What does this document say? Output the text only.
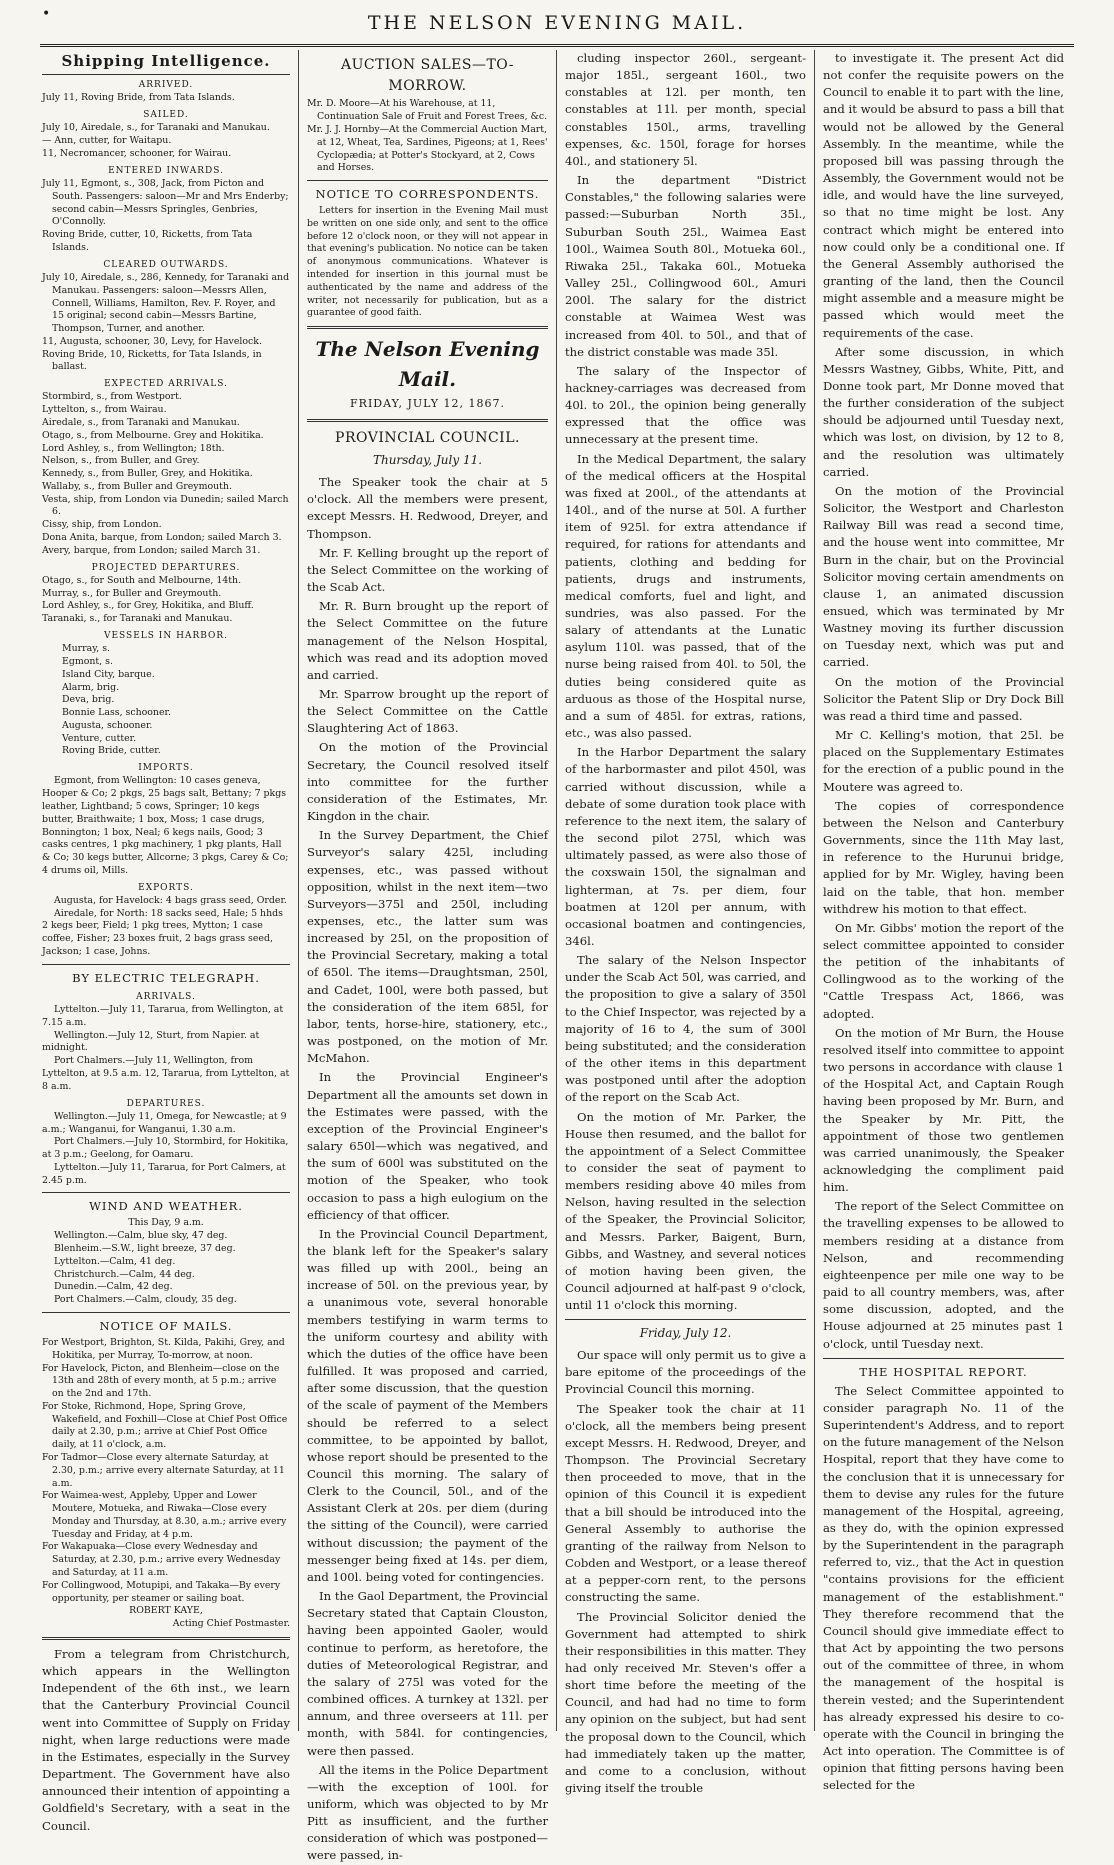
•	THE NELSON EVENING MAIL.
Shipping Intelligence.
ARRIVED.
July 11, Roving Bride, from Tata Islands.
SAILED.
July 10, Airedale, s., for Taranaki and Manukau.
— Ann, cutter, for Waitapu.
11, Necromancer, schooner, for Wairau.
ENTERED INWARDS.
July 11, Egmont, s., 308, Jack, from Picton and South. Passengers: saloon—Mr and Mrs Enderby; second cabin—Messrs Springles, Genbries, O'Connolly.
Roving Bride, cutter, 10, Ricketts, from Tata Islands.
CLEARED OUTWARDS.
July 10, Airedale, s., 286, Kennedy, for Taranaki and Manukau. Passengers: saloon—Messrs Allen, Connell, Williams, Hamilton, Rev. F. Royer, and 15 original; second cabin—Messrs Bartine, Thompson, Turner, and another.
11, Augusta, schooner, 30, Levy, for Havelock.
Roving Bride, 10, Ricketts, for Tata Islands, in ballast.
EXPECTED ARRIVALS.
Stormbird, s., from Westport.
Lyttelton, s., from Wairau.
Airedale, s., from Taranaki and Manukau.
Otago, s., from Melbourne. Grey and Hokitika.
Lord Ashley, s., from Wellington; 18th.
Nelson, s., from Buller, and Grey.
Kennedy, s., from Buller, Grey, and Hokitika.
Wallaby, s., from Buller and Greymouth.
Vesta, ship, from London via Dunedin; sailed March 6.
Cissy, ship, from London.
Dona Anita, barque, from London; sailed March 3.
Avery, barque, from London; sailed March 31.
PROJECTED DEPARTURES.
Otago, s., for South and Melbourne, 14th.
Murray, s., for Buller and Greymouth.
Lord Ashley, s., for Grey, Hokitika, and Bluff.
Taranaki, s., for Taranaki and Manukau.
VESSELS IN HARBOR.
Murray, s.
Egmont, s.
Island City, barque.
Alarm, brig.
Deva, brig.
Bonnie Lass, schooner.
Augusta, schooner.
Venture, cutter.
Roving Bride, cutter.
IMPORTS.
Egmont, from Wellington: 10 cases geneva, Hooper & Co; 2 pkgs, 25 bags salt, Bettany; 7 pkgs leather, Lightband; 5 cows, Springer; 10 kegs butter, Braithwaite; 1 box, Moss; 1 case drugs, Bonnington; 1 box, Neal; 6 kegs nails, Good; 3 casks centres, 1 pkg machinery, 1 pkg plants, Hall & Co; 30 kegs butter, Allcorne; 3 pkgs, Carey & Co; 4 drums oil, Mills.
EXPORTS.
Augusta, for Havelock: 4 bags grass seed, Order.
Airedale, for North: 18 sacks seed, Hale; 5 hhds 2 kegs beer, Field; 1 pkg trees, Mytton; 1 case coffee, Fisher; 23 boxes fruit, 2 bags grass seed, Jackson; 1 case, Johns.
BY ELECTRIC TELEGRAPH.
ARRIVALS.
Lyttelton.—July 11, Tararua, from Wellington, at 7.15 a.m.
Wellington.—July 12, Sturt, from Napier. at midnight.
Port Chalmers.—July 11, Wellington, from Lyttelton, at 9.5 a.m. 12, Tararua, from Lyttelton, at 8 a.m.
DEPARTURES.
Wellington.—July 11, Omega, for Newcastle; at 9 a.m.; Wanganui, for Wanganui, 1.30 a.m.
Port Chalmers.—July 10, Stormbird, for Hokitika, at 3 p.m.; Geelong, for Oamaru.
Lyttelton.—July 11, Tararua, for Port Calmers, at 2.45 p.m.
WIND AND WEATHER.
This Day, 9 a.m.
Wellington.—Calm, blue sky, 47 deg.
Blenheim.—S.W., light breeze, 37 deg.
Lyttelton.—Calm, 41 deg.
Christchurch.—Calm, 44 deg.
Dunedin.—Calm, 42 deg.
Port Chalmers.—Calm, cloudy, 35 deg.
NOTICE OF MAILS.
For Westport, Brighton, St. Kilda, Pakihi, Grey, and Hokitika, per Murray, To-morrow, at noon.
For Havelock, Picton, and Blenheim—close on the 13th and 28th of every month, at 5 p.m.; arrive on the 2nd and 17th.
For Stoke, Richmond, Hope, Spring Grove, Wakefield, and Foxhill—Close at Chief Post Office daily at 2.30, p.m.; arrive at Chief Post Office daily, at 11 o'clock, a.m.
For Tadmor—Close every alternate Saturday, at 2.30, p.m.; arrive every alternate Saturday, at 11 a.m.
For Waimea-west, Appleby, Upper and Lower Moutere, Motueka, and Riwaka—Close every Monday and Thursday, at 8.30, a.m.; arrive every Tuesday and Friday, at 4 p.m.
For Wakapuaka—Close every Wednesday and Saturday, at 2.30, p.m.; arrive every Wednesday and Saturday, at 11 a.m.
For Collingwood, Motupipi, and Takaka—By every opportunity, per steamer or sailing boat.
ROBERT KAYE,
Acting Chief Postmaster.

From a telegram from Christchurch, which appears in the Wellington Independent of the 6th inst., we learn that the Canterbury Provincial Council went into Committee of Supply on Friday night, when large reductions were made in the Estimates, especially in the Survey Department. The Government have also announced their intention of appointing a Goldfield's Secretary, with a seat in the Council.

AUCTION SALES—TO-MORROW.
Mr. D. Moore—At his Warehouse, at 11, Continuation Sale of Fruit and Forest Trees, &c.
Mr. J. J. Hornby—At the Commercial Auction Mart, at 12, Wheat, Tea, Sardines, Pigeons; at 1, Rees' Cyclopædia; at Potter's Stockyard, at 2, Cows and Horses.
NOTICE TO CORRESPONDENTS.

Letters for insertion in the Evening Mail must be written on one side only, and sent to the office before 12 o'clock noon, or they will not appear in that evening's publication. No notice can be taken of anonymous communications. Whatever is intended for insertion in this journal must be authenticated by the name and address of the writer, not necessarily for publication, but as a guarantee of good faith.

The Nelson Evening Mail.
FRIDAY, JULY 12, 1867.
PROVINCIAL COUNCIL.
Thursday, July 11.

The Speaker took the chair at 5 o'clock. All the members were present, except Messrs. H. Redwood, Dreyer, and Thompson.

Mr. F. Kelling brought up the report of the Select Committee on the working of the Scab Act.

Mr. R. Burn brought up the report of the Select Committee on the future management of the Nelson Hospital, which was read and its adoption moved and carried.

Mr. Sparrow brought up the report of the Select Committee on the Cattle Slaughtering Act of 1863.

On the motion of the Provincial Secretary, the Council resolved itself into committee for the further consideration of the Estimates, Mr. Kingdon in the chair.

In the Survey Department, the Chief Surveyor's salary 425l, including expenses, etc., was passed without opposition, whilst in the next item—two Surveyors—375l and 250l, including expenses, etc., the latter sum was increased by 25l, on the proposition of the Provincial Secretary, making a total of 650l. The items—Draughtsman, 250l, and Cadet, 100l, were both passed, but the consideration of the item 685l, for labor, tents, horse-hire, stationery, etc., was postponed, on the motion of Mr. McMahon.

In the Provincial Engineer's Department all the amounts set down in the Estimates were passed, with the exception of the Provincial Engineer's salary 650l—which was negatived, and the sum of 600l was substituted on the motion of the Speaker, who took occasion to pass a high eulogium on the efficiency of that officer.

In the Provincial Council Department, the blank left for the Speaker's salary was filled up with 200l., being an increase of 50l. on the previous year, by a unanimous vote, several honorable members testifying in warm terms to the uniform courtesy and ability with which the duties of the office have been fulfilled. It was proposed and carried, after some discussion, that the question of the scale of payment of the Members should be referred to a select committee, to be appointed by ballot, whose report should be presented to the Council this morning. The salary of Clerk to the Council, 50l., and of the Assistant Clerk at 20s. per diem (during the sitting of the Council), were carried without discussion; the payment of the messenger being fixed at 14s. per diem, and 100l. being voted for contingencies.

In the Gaol Department, the Provincial Secretary stated that Captain Clouston, having been appointed Gaoler, would continue to perform, as heretofore, the duties of Meteorological Registrar, and the salary of 275l was voted for the combined offices. A turnkey at 132l. per annum, and three overseers at 11l. per month, with 584l. for contingencies, were then passed.

All the items in the Police Department—with the exception of 100l. for uniform, which was objected to by Mr Pitt as insufficient, and the further consideration of which was postponed—were passed, in-

cluding inspector 260l., sergeant-major 185l., sergeant 160l., two constables at 12l. per month, ten constables at 11l. per month, special constables 150l., arms, travelling expenses, &c. 150l, forage for horses 40l., and stationery 5l.

In the department "District Constables," the following salaries were passed:—Suburban North 35l., Suburban South 25l., Waimea East 100l., Waimea South 80l., Motueka 60l., Riwaka 25l., Takaka 60l., Motueka Valley 25l., Collingwood 60l., Amuri 200l. The salary for the district constable at Waimea West was increased from 40l. to 50l., and that of the district constable was made 35l.

The salary of the Inspector of hackney-carriages was decreased from 40l. to 20l., the opinion being generally expressed that the office was unnecessary at the present time.

In the Medical Department, the salary of the medical officers at the Hospital was fixed at 200l., of the attendants at 140l., and of the nurse at 50l. A further item of 925l. for extra attendance if required, for rations for attendants and patients, clothing and bedding for patients, drugs and instruments, medical comforts, fuel and light, and sundries, was also passed. For the salary of attendants at the Lunatic asylum 110l. was passed, that of the nurse being raised from 40l. to 50l, the duties being considered quite as arduous as those of the Hospital nurse, and a sum of 485l. for extras, rations, etc., was also passed.

In the Harbor Department the salary of the harbormaster and pilot 450l, was carried without discussion, while a debate of some duration took place with reference to the next item, the salary of the second pilot 275l, which was ultimately passed, as were also those of the coxswain 150l, the signalman and lighterman, at 7s. per diem, four boatmen at 120l per annum, with occasional boatmen and contingencies, 346l.

The salary of the Nelson Inspector under the Scab Act 50l, was carried, and the proposition to give a salary of 350l to the Chief Inspector, was rejected by a majority of 16 to 4, the sum of 300l being substituted; and the consideration of the other items in this department was postponed until after the adoption of the report on the Scab Act.

On the motion of Mr. Parker, the House then resumed, and the ballot for the appointment of a Select Committee to consider the seat of payment to members residing above 40 miles from Nelson, having resulted in the selection of the Speaker, the Provincial Solicitor, and Messrs. Parker, Baigent, Burn, Gibbs, and Wastney, and several notices of motion having been given, the Council adjourned at half-past 9 o'clock, until 11 o'clock this morning.

Friday, July 12.

Our space will only permit us to give a bare epitome of the proceedings of the Provincial Council this morning.

The Speaker took the chair at 11 o'clock, all the members being present except Messrs. H. Redwood, Dreyer, and Thompson. The Provincial Secretary then proceeded to move, that in the opinion of this Council it is expedient that a bill should be introduced into the General Assembly to authorise the granting of the railway from Nelson to Cobden and Westport, or a lease thereof at a pepper-corn rent, to the persons constructing the same.

The Provincial Solicitor denied the Government had attempted to shirk their responsibilities in this matter. They had only received Mr. Steven's offer a short time before the meeting of the Council, and had had no time to form any opinion on the subject, but had sent the proposal down to the Council, which had immediately taken up the matter, and come to a conclusion, without giving itself the trouble

to investigate it. The present Act did not confer the requisite powers on the Council to enable it to part with the line, and it would be absurd to pass a bill that would not be allowed by the General Assembly. In the meantime, while the proposed bill was passing through the Assembly, the Government would not be idle, and would have the line surveyed, so that no time might be lost. Any contract which might be entered into now could only be a conditional one. If the General Assembly authorised the granting of the land, then the Council might assemble and a measure might be passed which would meet the requirements of the case.

After some discussion, in which Messrs Wastney, Gibbs, White, Pitt, and Donne took part, Mr Donne moved that the further consideration of the subject should be adjourned until Tuesday next, which was lost, on division, by 12 to 8, and the resolution was ultimately carried.

On the motion of the Provincial Solicitor, the Westport and Charleston Railway Bill was read a second time, and the house went into committee, Mr Burn in the chair, but on the Provincial Solicitor moving certain amendments on clause 1, an animated discussion ensued, which was terminated by Mr Wastney moving its further discussion on Tuesday next, which was put and carried.

On the motion of the Provincial Solicitor the Patent Slip or Dry Dock Bill was read a third time and passed.

Mr C. Kelling's motion, that 25l. be placed on the Supplementary Estimates for the erection of a public pound in the Moutere was agreed to.

The copies of correspondence between the Nelson and Canterbury Governments, since the 11th May last, in reference to the Hurunui bridge, applied for by Mr. Wigley, having been laid on the table, that hon. member withdrew his motion to that effect.

On Mr. Gibbs' motion the report of the select committee appointed to consider the petition of the inhabitants of Collingwood as to the working of the "Cattle Trespass Act, 1866, was adopted.

On the motion of Mr Burn, the House resolved itself into committee to appoint two persons in accordance with clause 1 of the Hospital Act, and Captain Rough having been proposed by Mr. Burn, and the Speaker by Mr. Pitt, the appointment of those two gentlemen was carried unanimously, the Speaker acknowledging the compliment paid him.

The report of the Select Committee on the travelling expenses to be allowed to members residing at a distance from Nelson, and recommending eighteenpence per mile one way to be paid to all country members, was, after some discussion, adopted, and the House adjourned at 25 minutes past 1 o'clock, until Tuesday next.

THE HOSPITAL REPORT.

The Select Committee appointed to consider paragraph No. 11 of the Superintendent's Address, and to report on the future management of the Nelson Hospital, report that they have come to the conclusion that it is unnecessary for them to devise any rules for the future management of the Hospital, agreeing, as they do, with the opinion expressed by the Superintendent in the paragraph referred to, viz., that the Act in question "contains provisions for the efficient management of the establishment." They therefore recommend that the Council should give immediate effect to that Act by appointing the two persons out of the committee of three, in whom the management of the hospital is therein vested; and the Superintendent has already expressed his desire to co-operate with the Council in bringing the Act into operation. The Committee is of opinion that fitting persons having been selected for the
